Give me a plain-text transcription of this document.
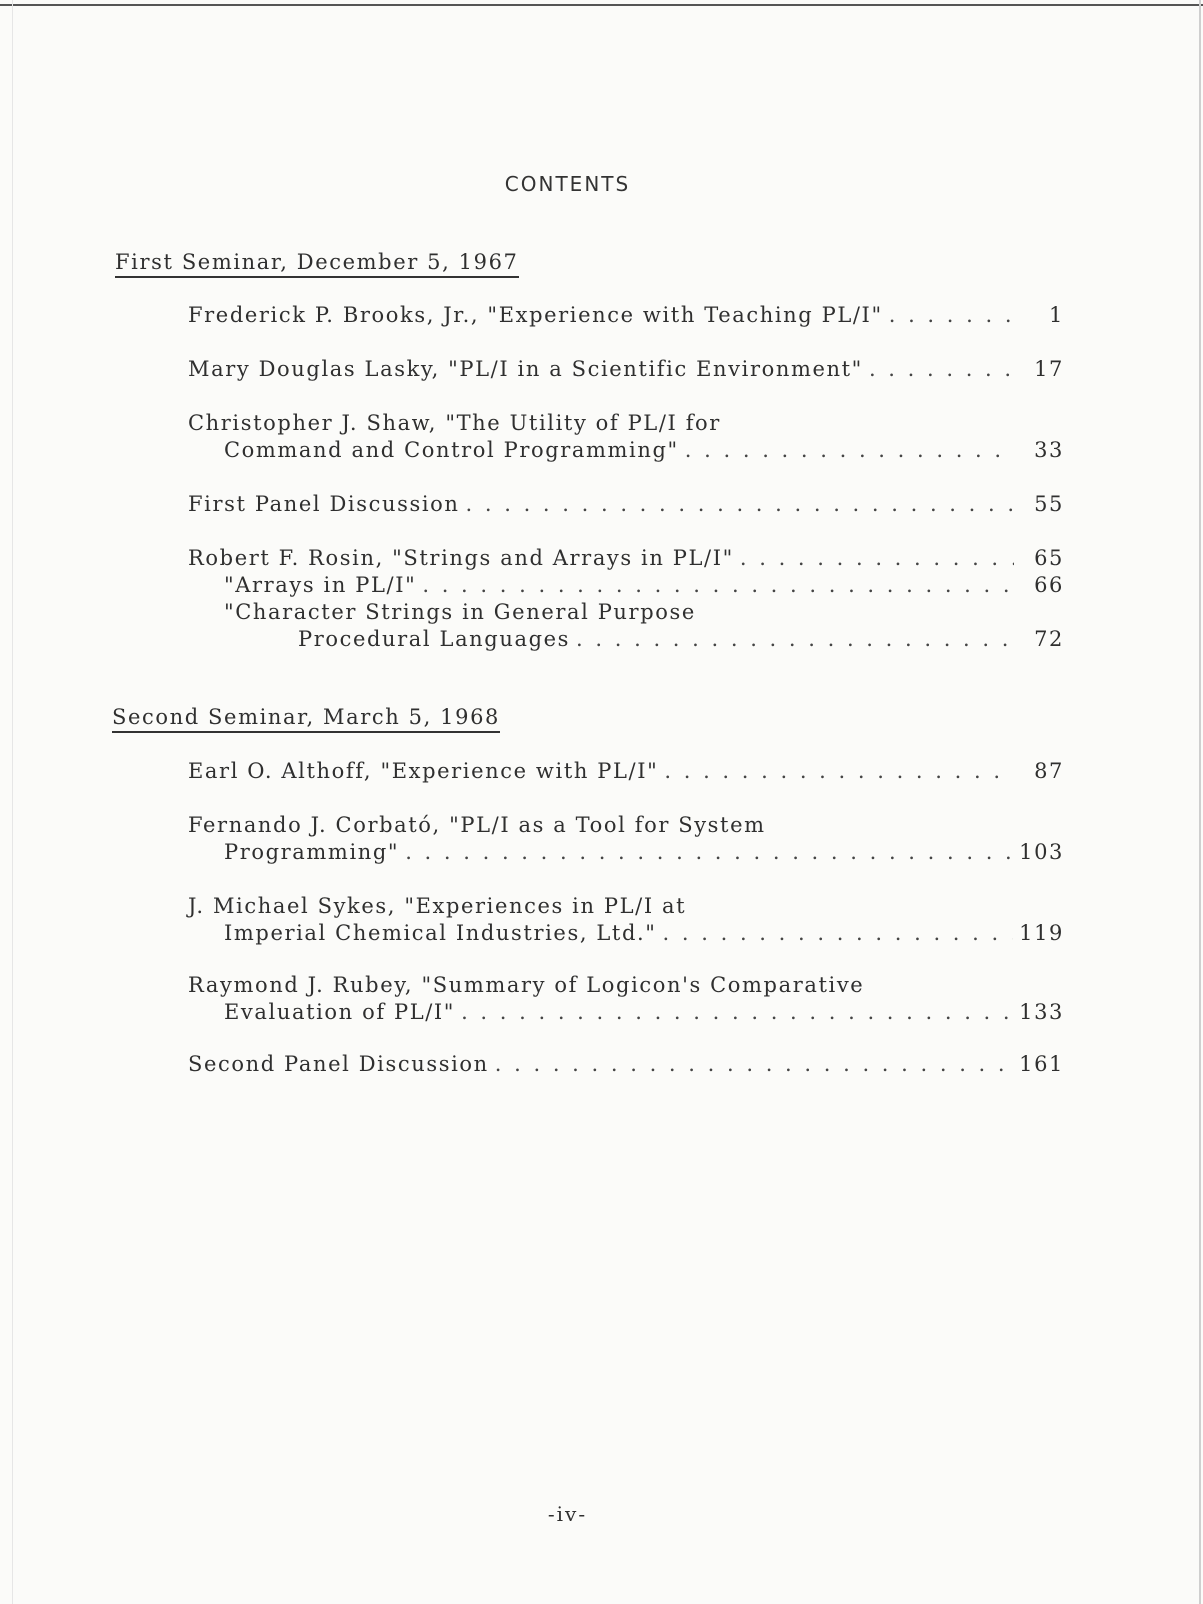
CONTENTS
First Seminar, December 5, 1967
Frederick P. Brooks, Jr., "Experience with Teaching PL/I" . . .	1
Mary Douglas Lasky, "PL/I in a Scientific Environment" . . .	17
Christopher J. Shaw, "The Utility of PL/I for
Command and Control Programming" . . .	33
First Panel Discussion . . .	55
Robert F. Rosin, "Strings and Arrays in PL/I" . . .	65
"Arrays in PL/I" . . .	66
"Character Strings in General Purpose
Procedural Languages . . .	72
Second Seminar, March 5, 1968
Earl O. Althoff, "Experience with PL/I" . . .	87
Fernando J. Corbató, "PL/I as a Tool for System
Programming" . . .	103
J. Michael Sykes, "Experiences in PL/I at
Imperial Chemical Industries, Ltd." . . .	119
Raymond J. Rubey, "Summary of Logicon's Comparative
Evaluation of PL/I" . . .	133
Second Panel Discussion . . .	161
-iv-
